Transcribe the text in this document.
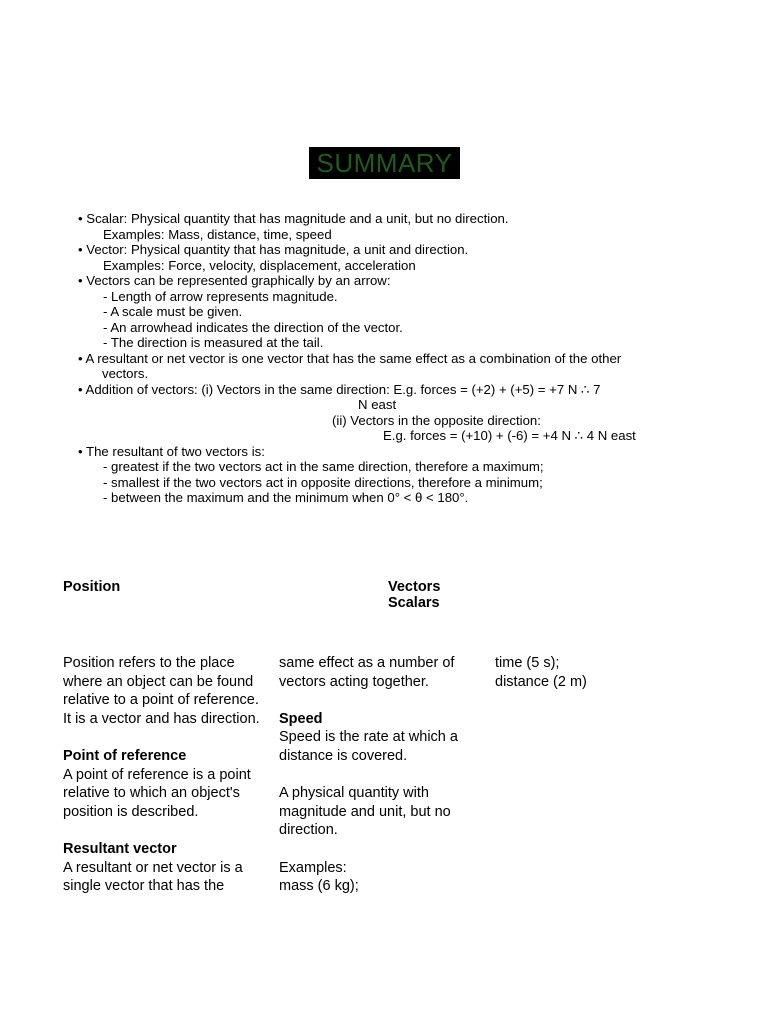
SUMMARY
• Scalar: Physical quantity that has magnitude and a unit, but no direction.
Examples: Mass, distance, time, speed
• Vector: Physical quantity that has magnitude, a unit and direction.
Examples: Force, velocity, displacement, acceleration
• Vectors can be represented graphically by an arrow:
- Length of arrow represents magnitude.
- A scale must be given.
- An arrowhead indicates the direction of the vector.
- The direction is measured at the tail.
• A resultant or net vector is one vector that has the same effect as a combination of the other
vectors.
• Addition of vectors: (i) Vectors in the same direction: E.g. forces = (+2) + (+5) = +7 N ∴ 7
N east
(ii) Vectors in the opposite direction:
E.g. forces = (+10) + (-6) = +4 N ∴ 4 N east
• The resultant of two vectors is:
- greatest if the two vectors act in the same direction, therefore a maximum;
- smallest if the two vectors act in opposite directions, therefore a minimum;
- between the maximum and the minimum when 0° < θ < 180°.
Position	Vectors
Scalars

Position refers to the place

where an object can be found

relative to a point of reference.

It is a vector and has direction.

Point of reference

A point of reference is a point

relative to which an object's

position is described.

Resultant vector

A resultant or net vector is a

single vector that has the

same effect as a number of

vectors acting together.

Speed

Speed is the rate at which a

distance is covered.

A physical quantity with

magnitude and unit, but no

direction.

Examples:

mass (6 kg);

time (5 s);

distance (2 m)
